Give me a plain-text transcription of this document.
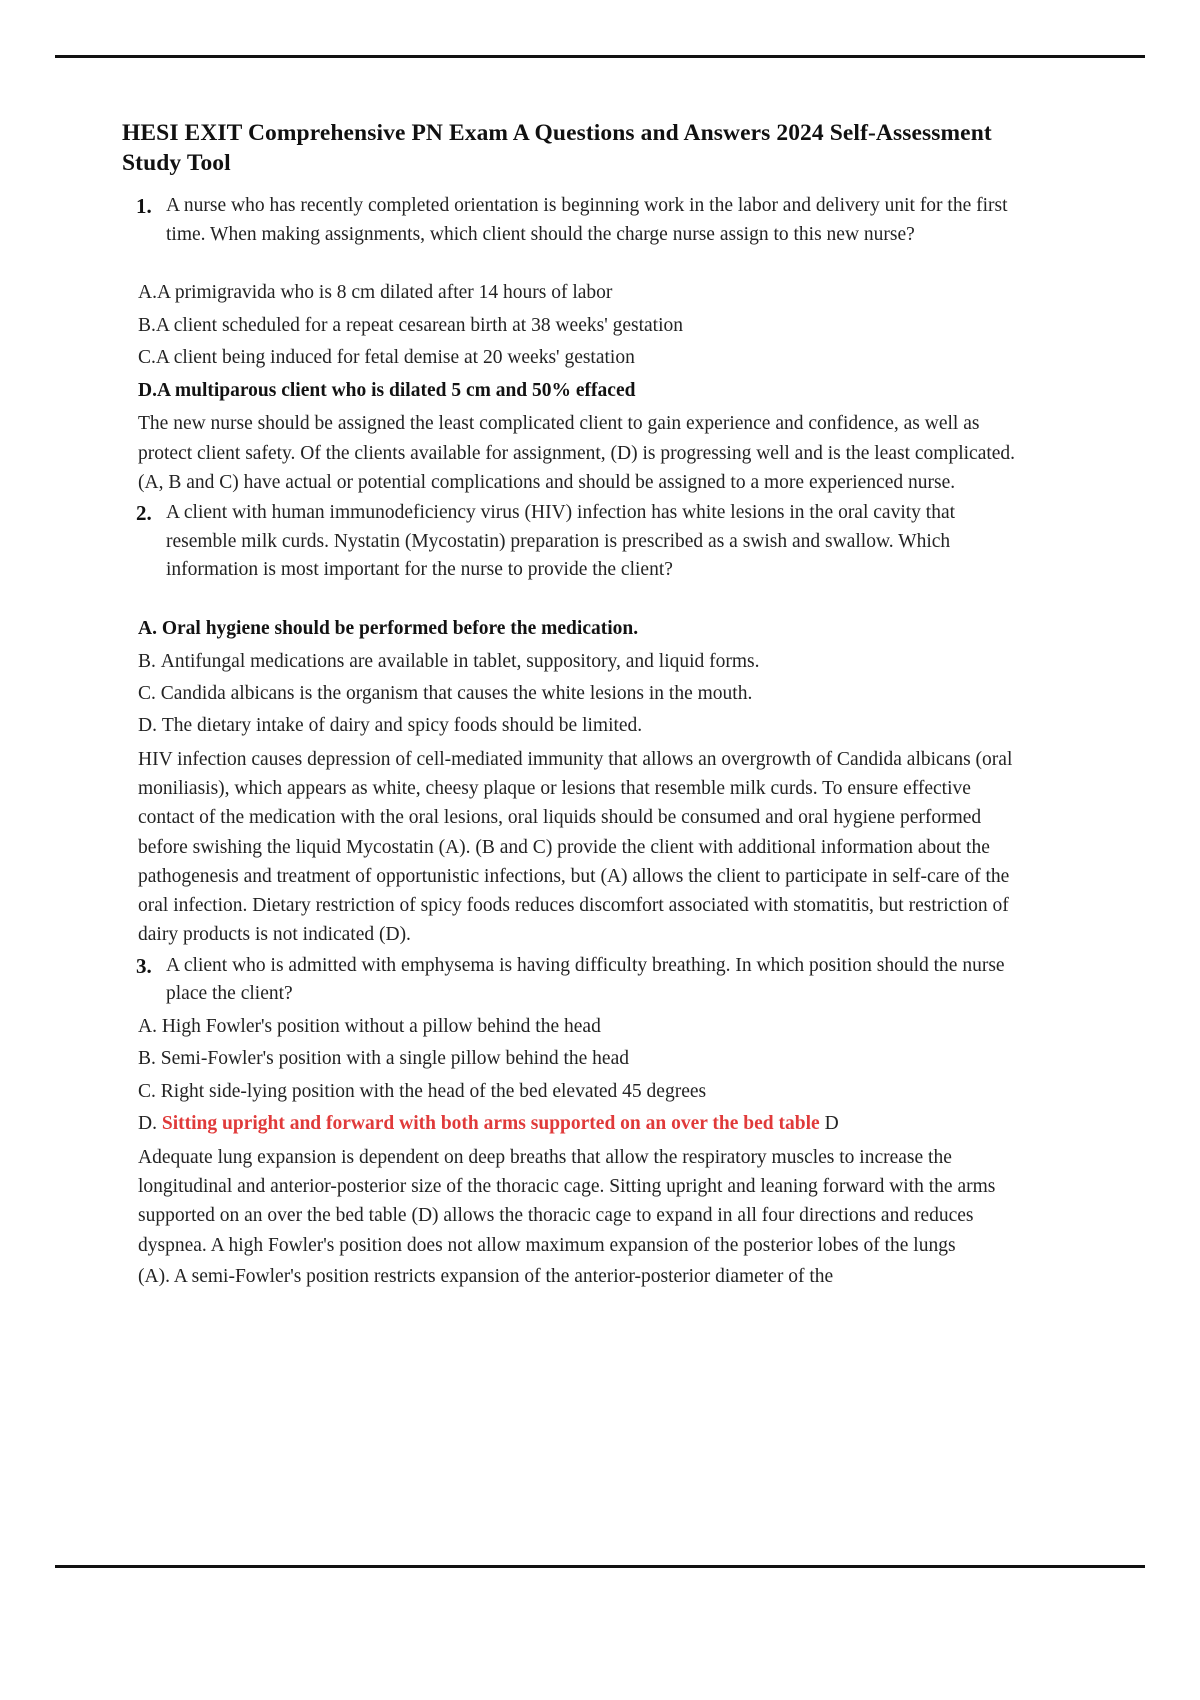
HESI EXIT Comprehensive PN Exam A Questions and Answers 2024 Self-Assessment Study Tool
1. A nurse who has recently completed orientation is beginning work in the labor and delivery unit for the first time. When making assignments, which client should the charge nurse assign to this new nurse?
A.A primigravida who is 8 cm dilated after 14 hours of labor
B.A client scheduled for a repeat cesarean birth at 38 weeks' gestation
C.A client being induced for fetal demise at 20 weeks' gestation
D.A multiparous client who is dilated 5 cm and 50% effaced
The new nurse should be assigned the least complicated client to gain experience and confidence, as well as protect client safety. Of the clients available for assignment, (D) is progressing well and is the least complicated. (A, B and C) have actual or potential complications and should be assigned to a more experienced nurse.
2. A client with human immunodeficiency virus (HIV) infection has white lesions in the oral cavity that resemble milk curds. Nystatin (Mycostatin) preparation is prescribed as a swish and swallow. Which information is most important for the nurse to provide the client?
A. Oral hygiene should be performed before the medication.
B. Antifungal medications are available in tablet, suppository, and liquid forms.
C. Candida albicans is the organism that causes the white lesions in the mouth.
D. The dietary intake of dairy and spicy foods should be limited.
HIV infection causes depression of cell-mediated immunity that allows an overgrowth of Candida albicans (oral moniliasis), which appears as white, cheesy plaque or lesions that resemble milk curds. To ensure effective contact of the medication with the oral lesions, oral liquids should be consumed and oral hygiene performed before swishing the liquid Mycostatin (A). (B and C) provide the client with additional information about the pathogenesis and treatment of opportunistic infections, but (A) allows the client to participate in self-care of the oral infection. Dietary restriction of spicy foods reduces discomfort associated with stomatitis, but restriction of dairy products is not indicated (D).
3. A client who is admitted with emphysema is having difficulty breathing. In which position should the nurse place the client?
A. High Fowler's position without a pillow behind the head
B. Semi-Fowler's position with a single pillow behind the head
C. Right side-lying position with the head of the bed elevated 45 degrees
D. Sitting upright and forward with both arms supported on an over the bed table D
Adequate lung expansion is dependent on deep breaths that allow the respiratory muscles to increase the longitudinal and anterior-posterior size of the thoracic cage. Sitting upright and leaning forward with the arms supported on an over the bed table (D) allows the thoracic cage to expand in all four directions and reduces dyspnea. A high Fowler's position does not allow maximum expansion of the posterior lobes of the lungs
(A). A semi-Fowler's position restricts expansion of the anterior-posterior diameter of the
